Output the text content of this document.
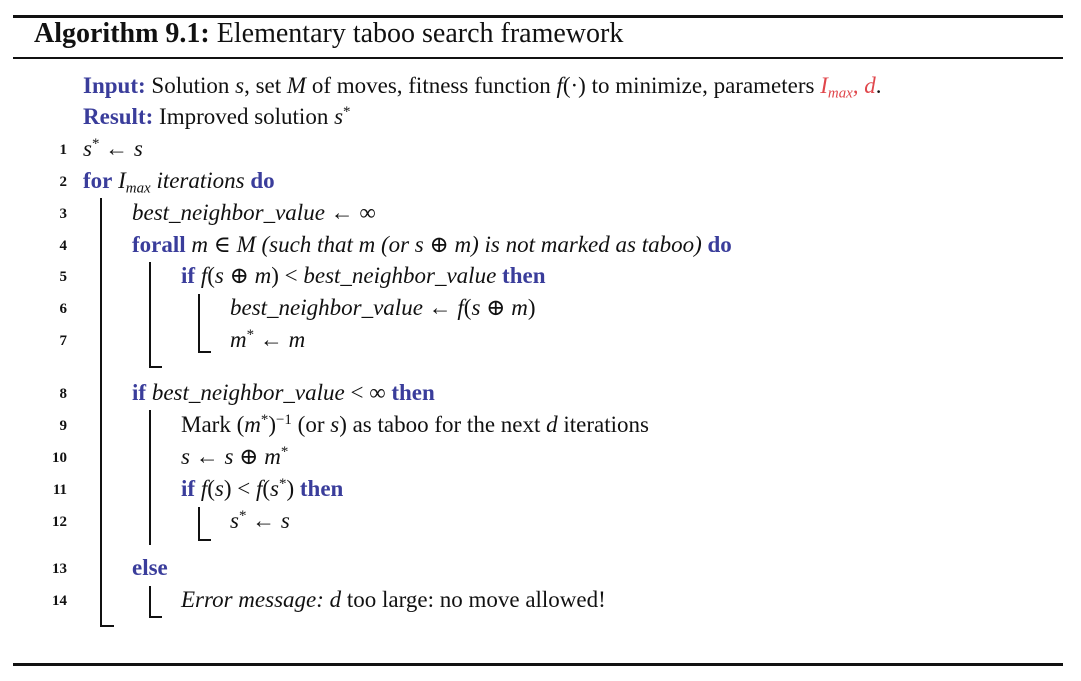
Algorithm 9.1: Elementary taboo search framework
Input: Solution s, set M of moves, fitness function f(·) to minimize, parameters $I_{max}$, d.
Result: Improved solution s*
1
2
3
4
5
6
7
8
9
10
11
12
13
14
s* ← s
for $I_{max}$ iterations do
best_neighbor_value ← ∞
forall m ∈ M (such that m (or s ⊕ m) is not marked as taboo) do
if f(s ⊕ m) < best_neighbor_value then
best_neighbor_value ← f(s ⊕ m)
m* ← m
if best_neighbor_value < ∞ then
Mark $(m^*)^{-1}$ (or s) as taboo for the next d iterations
s ← s ⊕ m*
if f(s) < f(s*) then
s* ← s
else
Error message: d too large: no move allowed!
